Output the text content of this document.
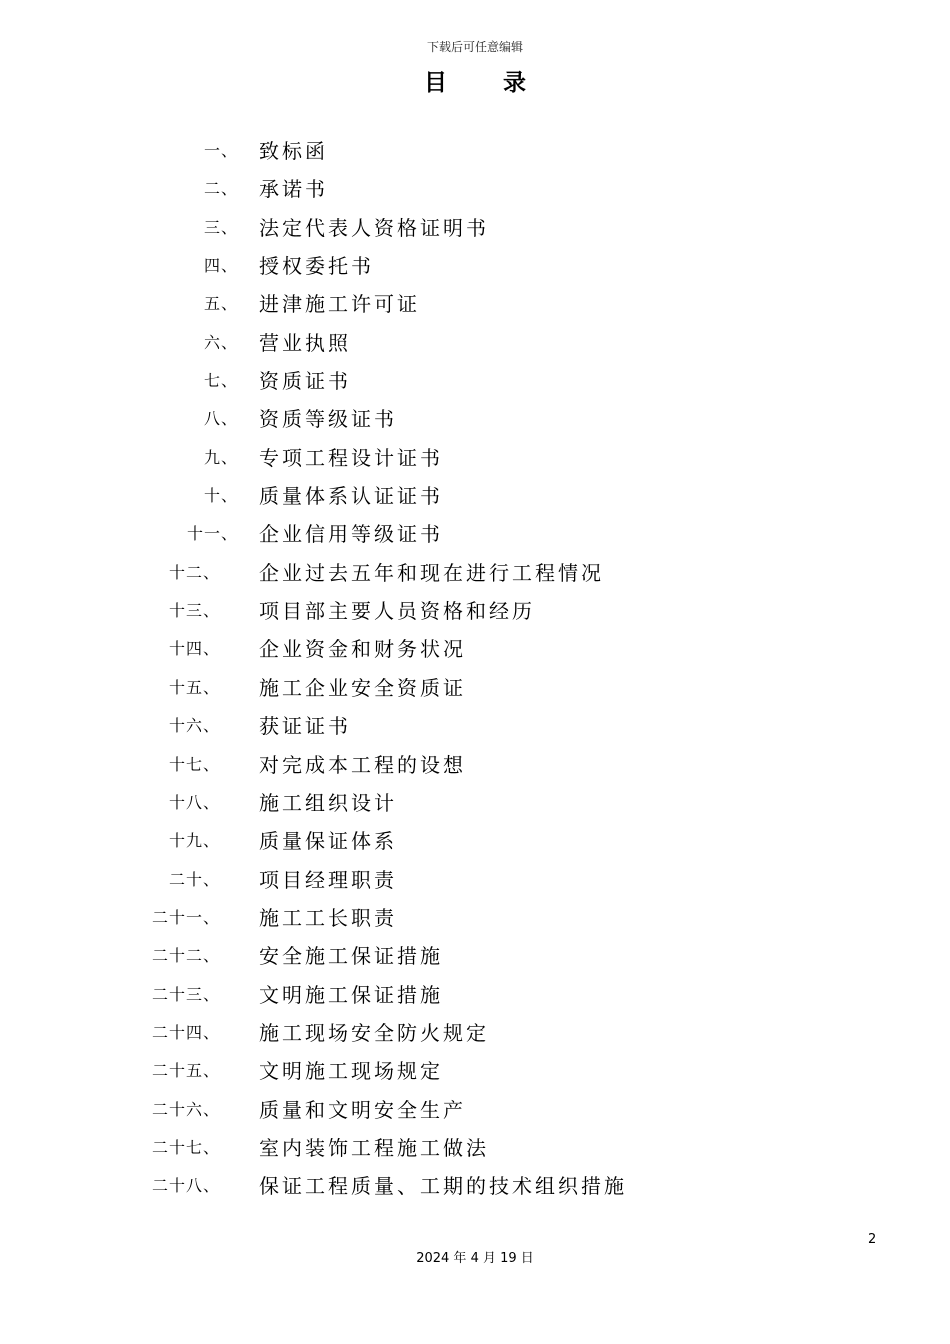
下载后可任意编辑
目 录
一、 致标函
二、 承诺书
三、 法定代表人资格证明书
四、 授权委托书
五、 进津施工许可证
六、 营业执照
七、 资质证书
八、 资质等级证书
九、 专项工程设计证书
十、 质量体系认证证书
十一、 企业信用等级证书
十二、 企业过去五年和现在进行工程情况
十三、 项目部主要人员资格和经历
十四、 企业资金和财务状况
十五、 施工企业安全资质证
十六、 获证证书
十七、 对完成本工程的设想
十八、 施工组织设计
十九、 质量保证体系
二十、 项目经理职责
二十一、 施工工长职责
二十二、 安全施工保证措施
二十三、 文明施工保证措施
二十四、 施工现场安全防火规定
二十五、 文明施工现场规定
二十六、 质量和文明安全生产
二十七、 室内装饰工程施工做法
二十八、 保证工程质量、工期的技术组织措施
2
2024 年 4 月 19 日
